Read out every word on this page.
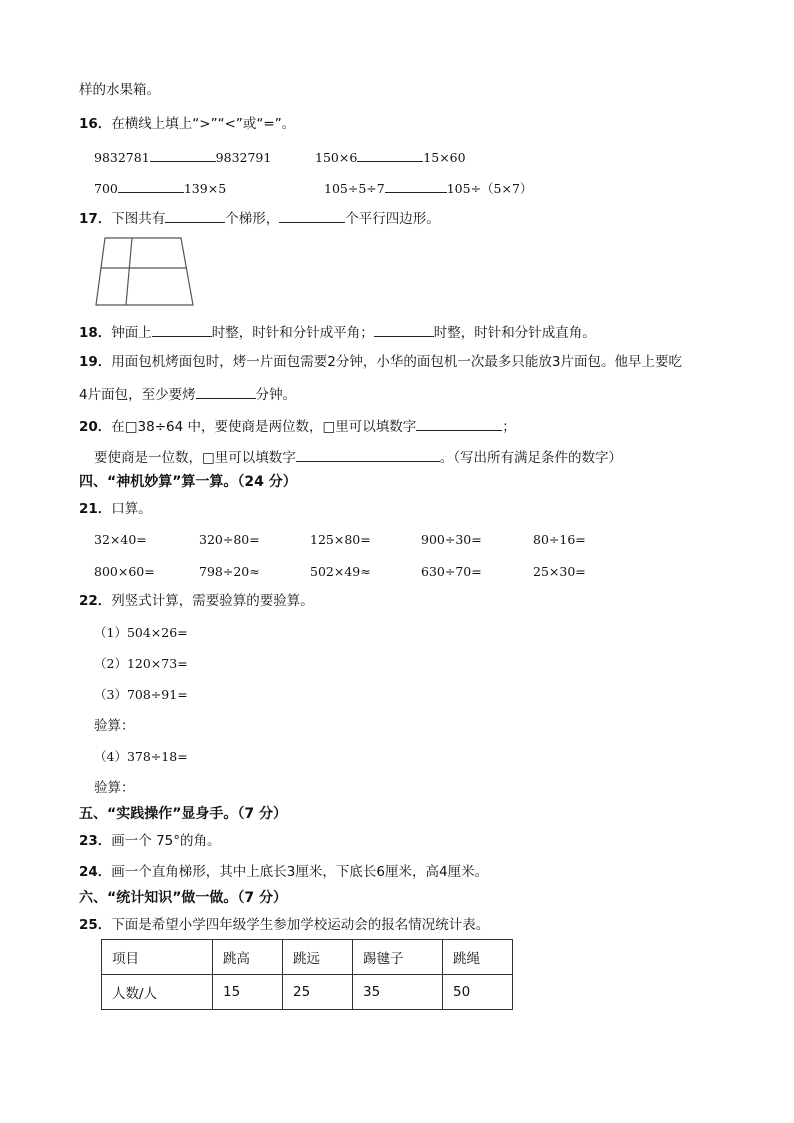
样的水果箱。
16．在横线上填上“>”“<”或“=”。
9832781	9832791	150×6	15×60
700	139×5	105÷5÷7	105÷（5×7）
17．下图共有	个梯形，	个平行四边形。
18．钟面上	时整，时针和分针成平角；	时整，时针和分针成直角。
19．用面包机烤面包时，烤一片面包需要2分钟，小华的面包机一次最多只能放3片面包。他早上要吃
4片面包，至少要烤	分钟。
20．在□38÷64 中，要使商是两位数，□里可以填数字	；
要使商是一位数，□里可以填数字	。（写出所有满足条件的数字）
四、“神机妙算”算一算。（24 分）
21．口算。
32×40=	320÷80=	125×80=	900÷30=	80÷16=
800×60=	798÷20≈	502×49≈	630÷70=	25×30=
22．列竖式计算，需要验算的要验算。
（1）504×26=
（2）120×73=
（3）708÷91=
验算：
（4）378÷18=
验算：
五、“实践操作”显身手。（7 分）
23．画一个 75°的角。
24．画一个直角梯形，其中上底长3厘米，下底长6厘米，高4厘米。
六、“统计知识”做一做。（7 分）
25．下面是希望小学四年级学生参加学校运动会的报名情况统计表。
项目	跳高	跳远	踢毽子	跳绳
人数/人	15	25	35	50
